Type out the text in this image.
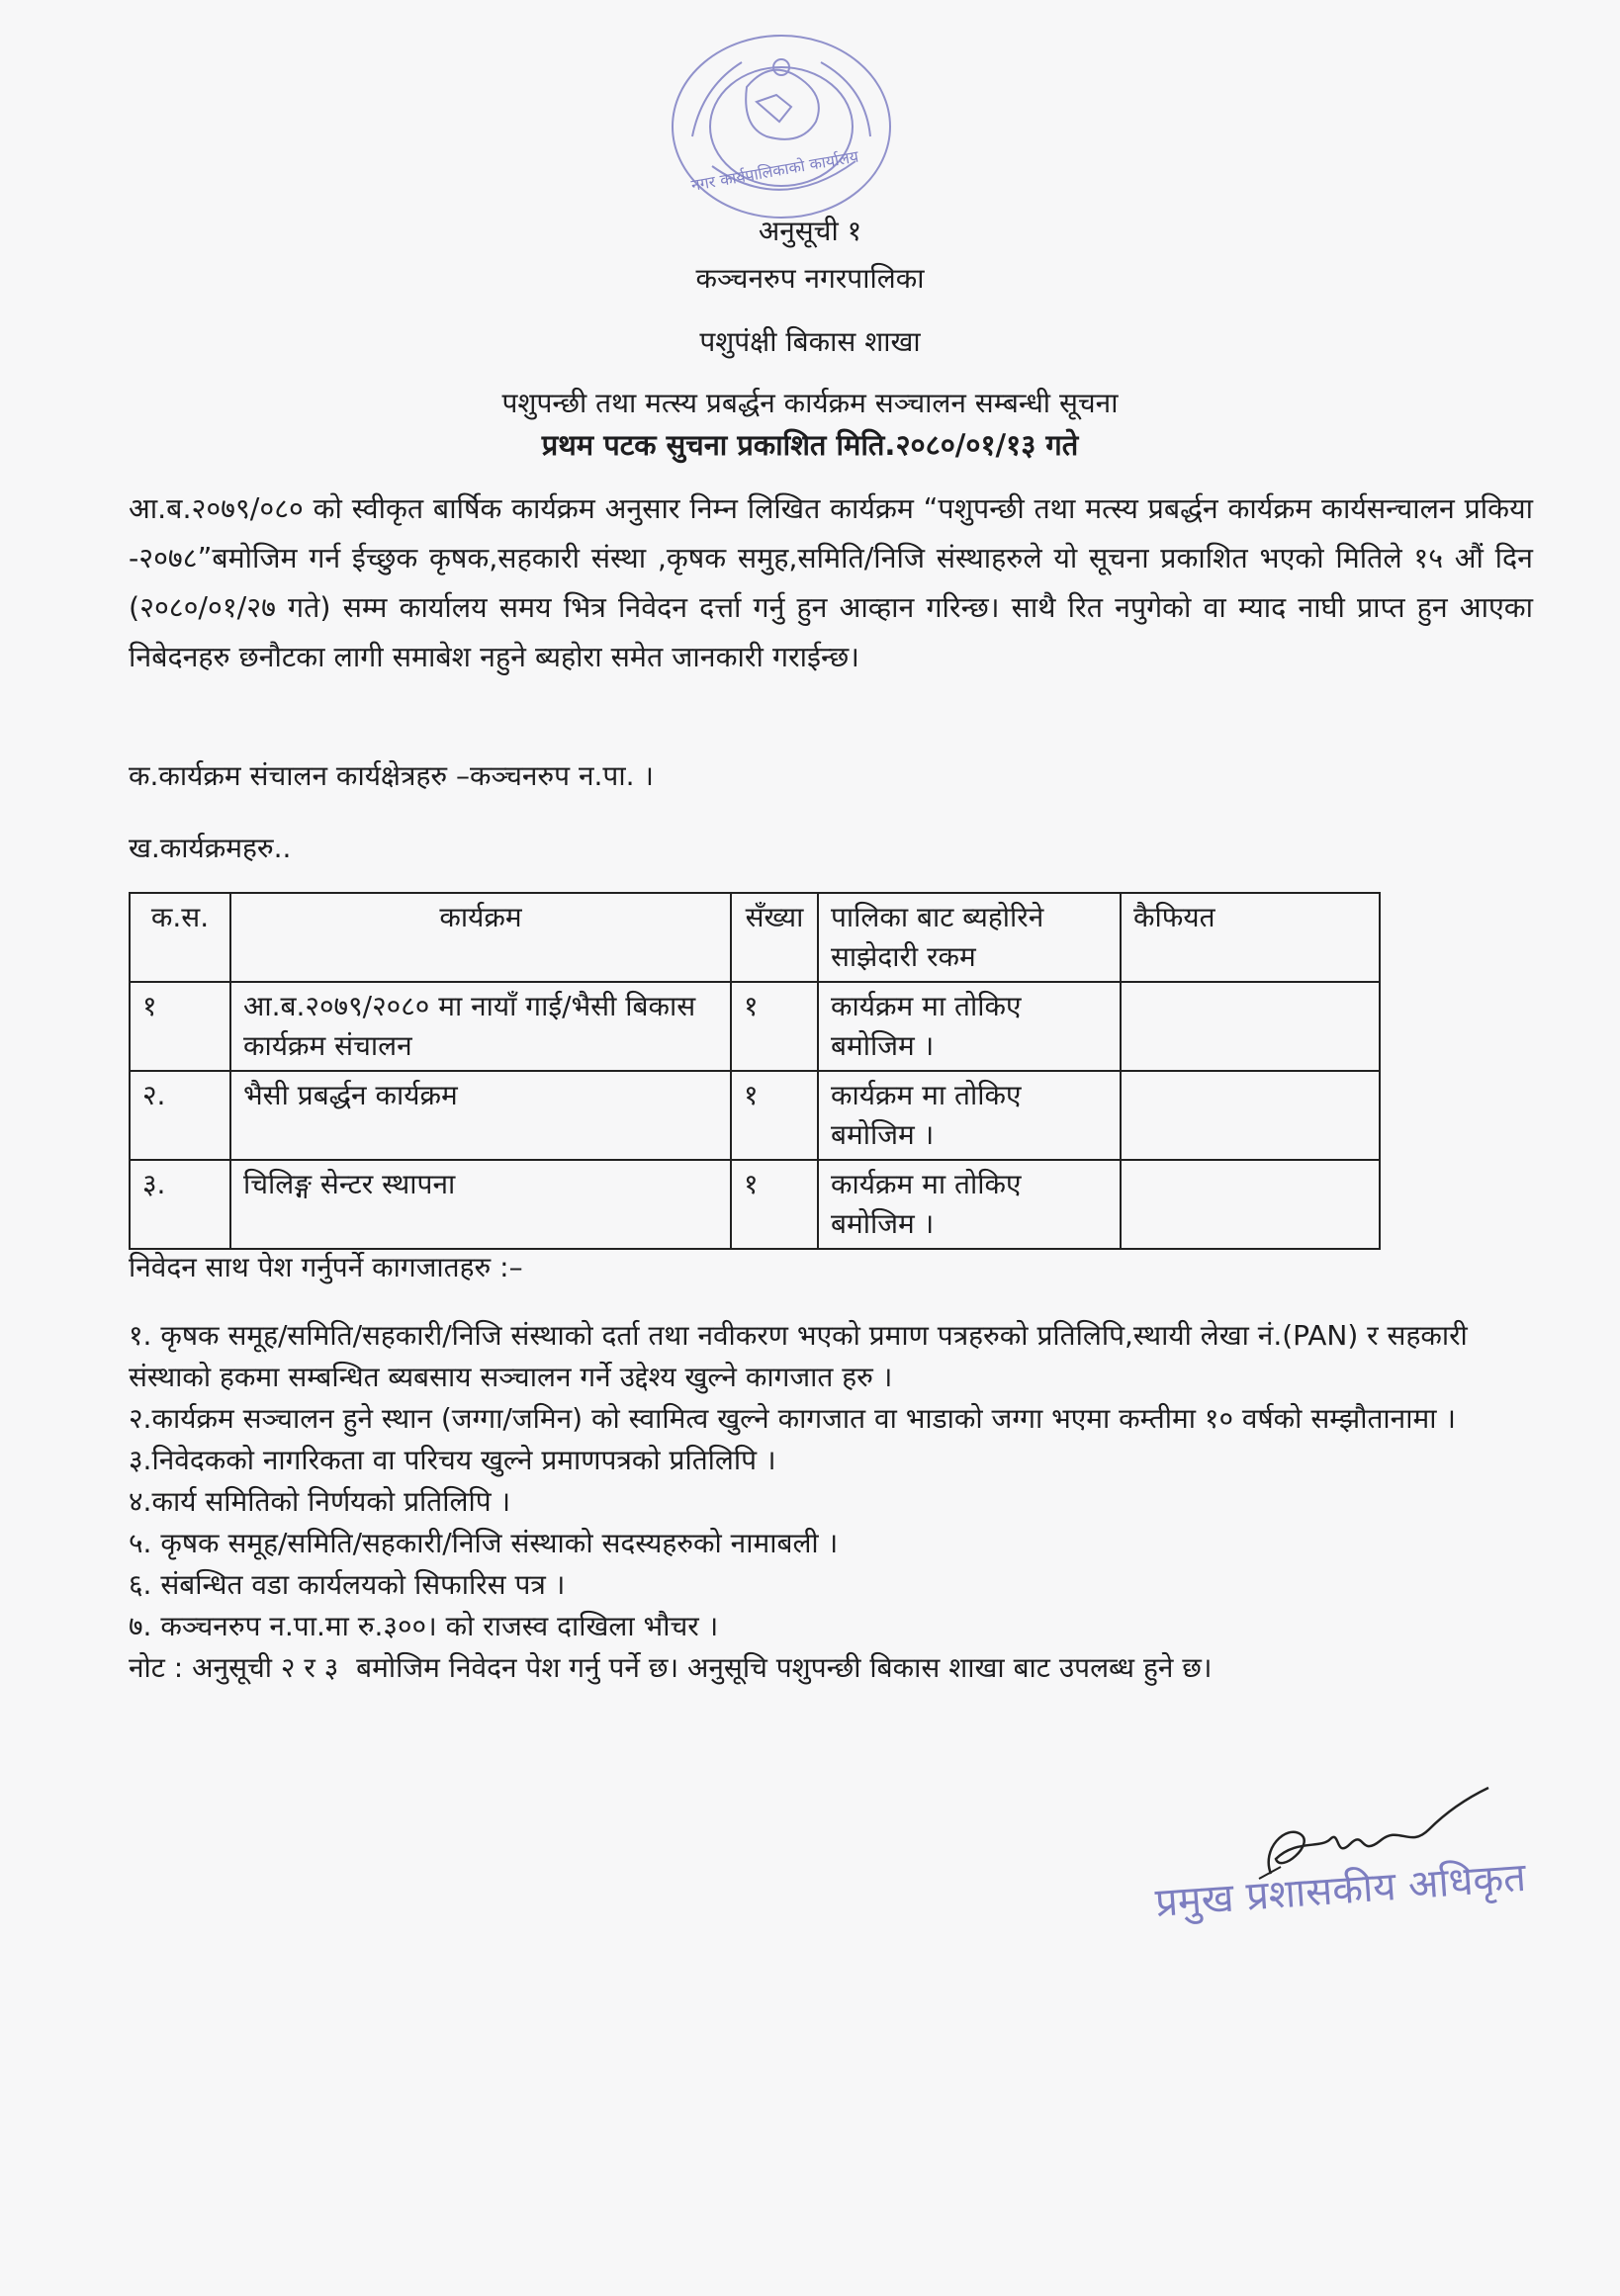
नगर कार्यपालिकाको कार्यालय
अनुसूची १
कञ्चनरुप नगरपालिका
पशुपंक्षी बिकास शाखा
पशुपन्छी तथा मत्स्य प्रबर्द्धन कार्यक्रम सञ्चालन सम्बन्धी सूचना
प्रथम पटक सुचना प्रकाशित मिति.२०८०/०१/१३ गते
आ.ब.२०७९/०८० को स्वीकृत बार्षिक कार्यक्रम अनुसार निम्न लिखित कार्यक्रम “पशुपन्छी तथा मत्स्य प्रबर्द्धन कार्यक्रम कार्यसन्चालन प्रकिया -२०७८”बमोजिम गर्न ईच्छुक कृषक,सहकारी संस्था ,कृषक समुह,समिति/निजि संस्थाहरुले यो सूचना प्रकाशित भएको मितिले १५ औं दिन (२०८०/०१/२७ गते) सम्म कार्यालय समय भित्र निवेदन दर्त्ता गर्नु हुन आव्हान गरिन्छ। साथै रित नपुगेको वा म्याद नाघी प्राप्त हुन आएका निबेदनहरु छनौटका लागी समाबेश नहुने ब्यहोरा समेत जानकारी गराईन्छ।
क.कार्यक्रम संचालन कार्यक्षेत्रहरु –कञ्चनरुप न.पा. ।
ख.कार्यक्रमहरु..
क.स.	कार्यक्रम	सँख्या	पालिका बाट ब्यहोरिने साझेदारी रकम	कैफियत
१	आ.ब.२०७९/२०८० मा नायाँ गाई/भैसी बिकास कार्यक्रम संचालन	१	कार्यक्रम मा तोकिए बमोजिम ।	
२.	भैसी प्रबर्द्धन कार्यक्रम	१	कार्यक्रम मा तोकिए बमोजिम ।	
३.	चिलिङ्ग सेन्टर स्थापना	१	कार्यक्रम मा तोकिए बमोजिम ।	
निवेदन साथ पेश गर्नुपर्ने कागजातहरु :–
१. कृषक समूह/समिति/सहकारी/निजि संस्थाको दर्ता तथा नवीकरण भएको प्रमाण पत्रहरुको प्रतिलिपि,स्थायी लेखा नं.(PAN) र सहकारी संस्थाको हकमा सम्बन्धित ब्यबसाय सञ्चालन गर्ने उद्देश्य खुल्ने कागजात हरु ।
२.कार्यक्रम सञ्चालन हुने स्थान (जग्गा/जमिन) को स्वामित्व खुल्ने कागजात वा भाडाको जग्गा भएमा कम्तीमा १० वर्षको सम्झौतानामा ।
३.निवेदकको नागरिकता वा परिचय खुल्ने प्रमाणपत्रको प्रतिलिपि ।
४.कार्य समितिको निर्णयको प्रतिलिपि ।
५. कृषक समूह/समिति/सहकारी/निजि संस्थाको सदस्यहरुको नामाबली ।
६. संबन्धित वडा कार्यलयको सिफारिस पत्र ।
७. कञ्चनरुप न.पा.मा रु.३००। को राजस्व दाखिला भौचर ।
नोट : अनुसूची २ र ३ ‌ बमोजिम निवेदन पेश गर्नु पर्ने छ। अनुसूचि पशुपन्छी बिकास शाखा बाट उपलब्ध हुने छ।
प्रमुख प्रशासकीय अधिकृत
